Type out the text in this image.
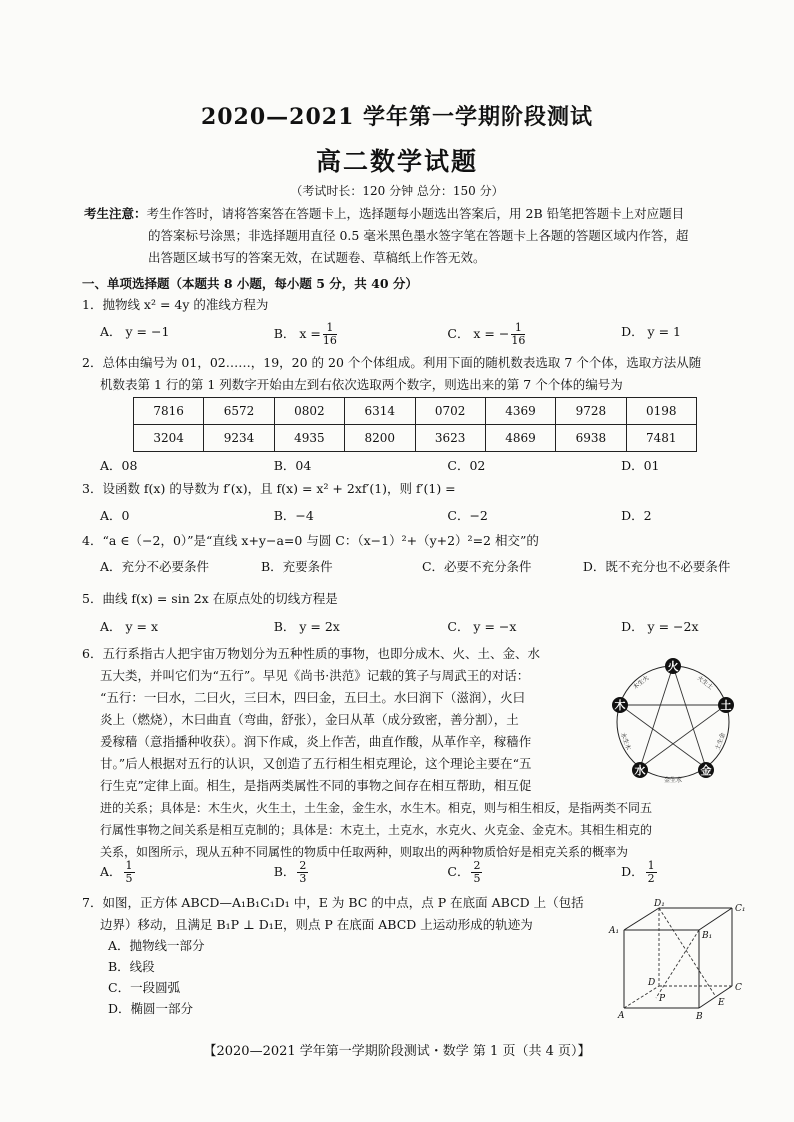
2020—2021 学年第一学期阶段测试
高二数学试题
（考试时长：120 分钟 总分：150 分）
考生注意：考生作答时，请将答案答在答题卡上，选择题每小题选出答案后，用 2B 铅笔把答题卡上对应题目
的答案标号涂黑；非选择题用直径 0.5 毫米黑色墨水签字笔在答题卡上各题的答题区域内作答，超
出答题区域书写的答案无效，在试题卷、草稿纸上作答无效。
一、单项选择题（本题共 8 小题，每小题 5 分，共 40 分）
1．抛物线 x² = 4y 的准线方程为
A． y = −1	B． $x = \frac{1}{16}$	C． x = − $\frac{1}{16}$	D． y = 1
2．总体由编号为 01，02……，19，20 的 20 个个体组成。利用下面的随机数表选取 7 个个体，选取方法从随
机数表第 1 行的第 1 列数字开始由左到右依次选取两个数字，则选出来的第 7 个个体的编号为
7816	6572	0802	6314	0702	4369	9728	0198
3204	9234	4935	8200	3623	4869	6938	7481
A．08	B．04	C．02	D．01
3．设函数 f(x) 的导数为 f′(x)，且 f(x) = x² + 2xf′(1)，则 f′(1) =
A．0	B．−4	C．−2	D．2
4．“a ∈（−2，0）”是“直线 x+y−a=0 与圆 C：（x−1）²+（y+2）²=2 相交”的
A．充分不必要条件	B．充要条件	C．必要不充分条件	D．既不充分也不必要条件
5．曲线 f(x) = sin 2x 在原点处的切线方程是
A． y = x	B． y = 2x	C． y = −x	D． y = −2x
6．五行系指古人把宇宙万物划分为五种性质的事物，也即分成木、火、土、金、水
五大类，并叫它们为“五行”。早见《尚书·洪范》记载的箕子与周武王的对话：
“五行：一曰水，二曰火，三曰木，四曰金，五曰土。水曰润下（滋润），火曰
炎上（燃烧），木曰曲直（弯曲，舒张），金曰从革（成分致密，善分割），土
爰稼穑（意指播种收获）。润下作咸，炎上作苦，曲直作酸，从革作辛，稼穑作
甘。”后人根据对五行的认识，又创造了五行相生相克理论，这个理论主要在“五
行生克”定律上面。相生，是指两类属性不同的事物之间存在相互帮助，相互促
进的关系；具体是：木生火，火生土，土生金，金生水，水生木。相克，则与相生相反，是指两类不同五
行属性事物之间关系是相互克制的；具体是：木克土，土克水，水克火、火克金、金克木。其相生相克的
关系，如图所示，现从五种不同属性的物质中任取两种，则取出的两种物质恰好是相克关系的概率为
A． $\frac{1}{5}$	B． $\frac{2}{3}$	C． $\frac{2}{5}$	D． $\frac{1}{2}$
火
土
金
水
木
木生火	火生土
土生金
金生水
水生木
7．如图，正方体 ABCD—A₁B₁C₁D₁ 中，E 为 BC 的中点，点 P 在底面 ABCD 上（包括
边界）移动，且满足 B₁P ⊥ D₁E，则点 P 在底面 ABCD 上运动形成的轨迹为
A．抛物线一部分
B．线段
C．一段圆弧
D．椭圆一部分
D₁	C₁
A₁	B₁
D	C
A	B
E
P
【2020—2021 学年第一学期阶段测试・数学 第 1 页（共 4 页）】
